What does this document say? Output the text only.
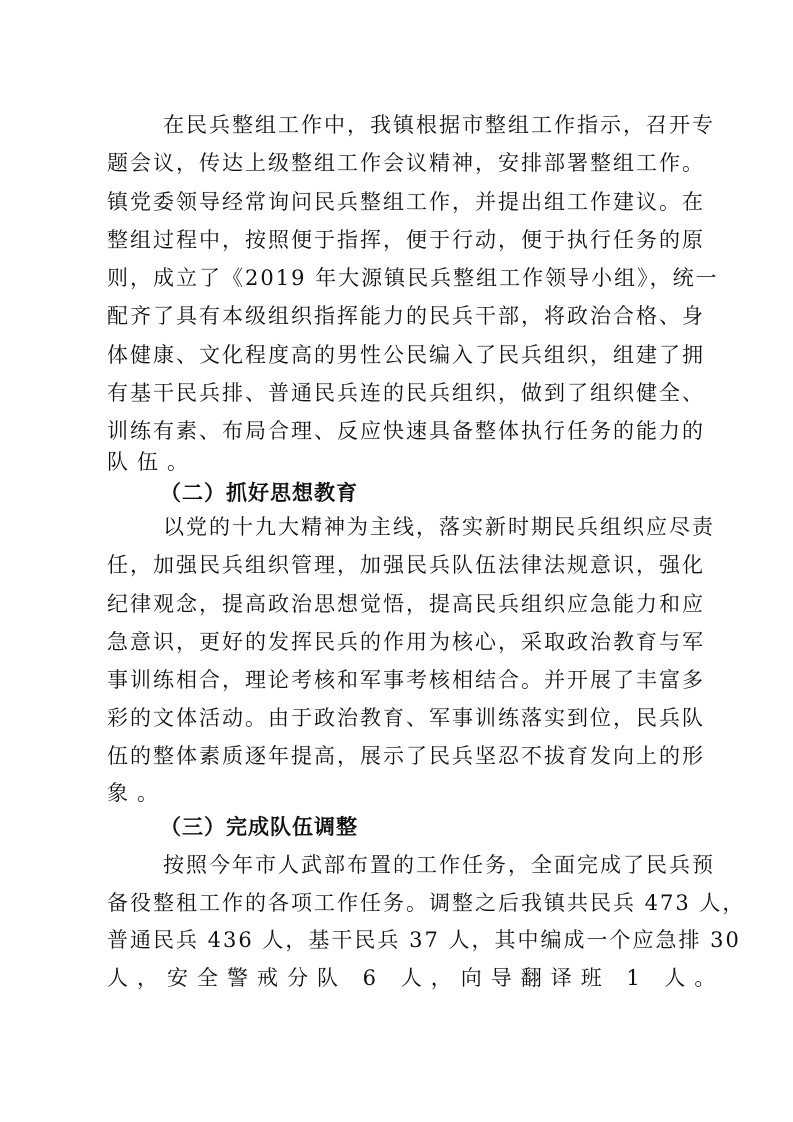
在民兵整组工作中，我镇根据市整组工作指示，召开专
题会议，传达上级整组工作会议精神，安排部署整组工作。
镇党委领导经常询问民兵整组工作，并提出组工作建议。在
整组过程中，按照便于指挥，便于行动，便于执行任务的原
则，成立了《2019 年大源镇民兵整组工作领导小组》，统一
配齐了具有本级组织指挥能力的民兵干部，将政治合格、身
体健康、文化程度高的男性公民编入了民兵组织，组建了拥
有基干民兵排、普通民兵连的民兵组织，做到了组织健全、
训练有素、布局合理、反应快速具备整体执行任务的能力的
队伍。
（二）抓好思想教育
以党的十九大精神为主线，落实新时期民兵组织应尽责
任，加强民兵组织管理，加强民兵队伍法律法规意识，强化
纪律观念，提高政治思想觉悟，提高民兵组织应急能力和应
急意识，更好的发挥民兵的作用为核心，采取政治教育与军
事训练相合，理论考核和军事考核相结合。并开展了丰富多
彩的文体活动。由于政治教育、军事训练落实到位，民兵队
伍的整体素质逐年提高，展示了民兵坚忍不拔育发向上的形
象。
（三）完成队伍调整
按照今年市人武部布置的工作任务，全面完成了民兵预
备役整租工作的各项工作任务。调整之后我镇共民兵 473 人，
普通民兵 436 人，基干民兵 37 人，其中编成一个应急排 30
人，安全警戒分队 6 人，向导翻译班 1 人。
